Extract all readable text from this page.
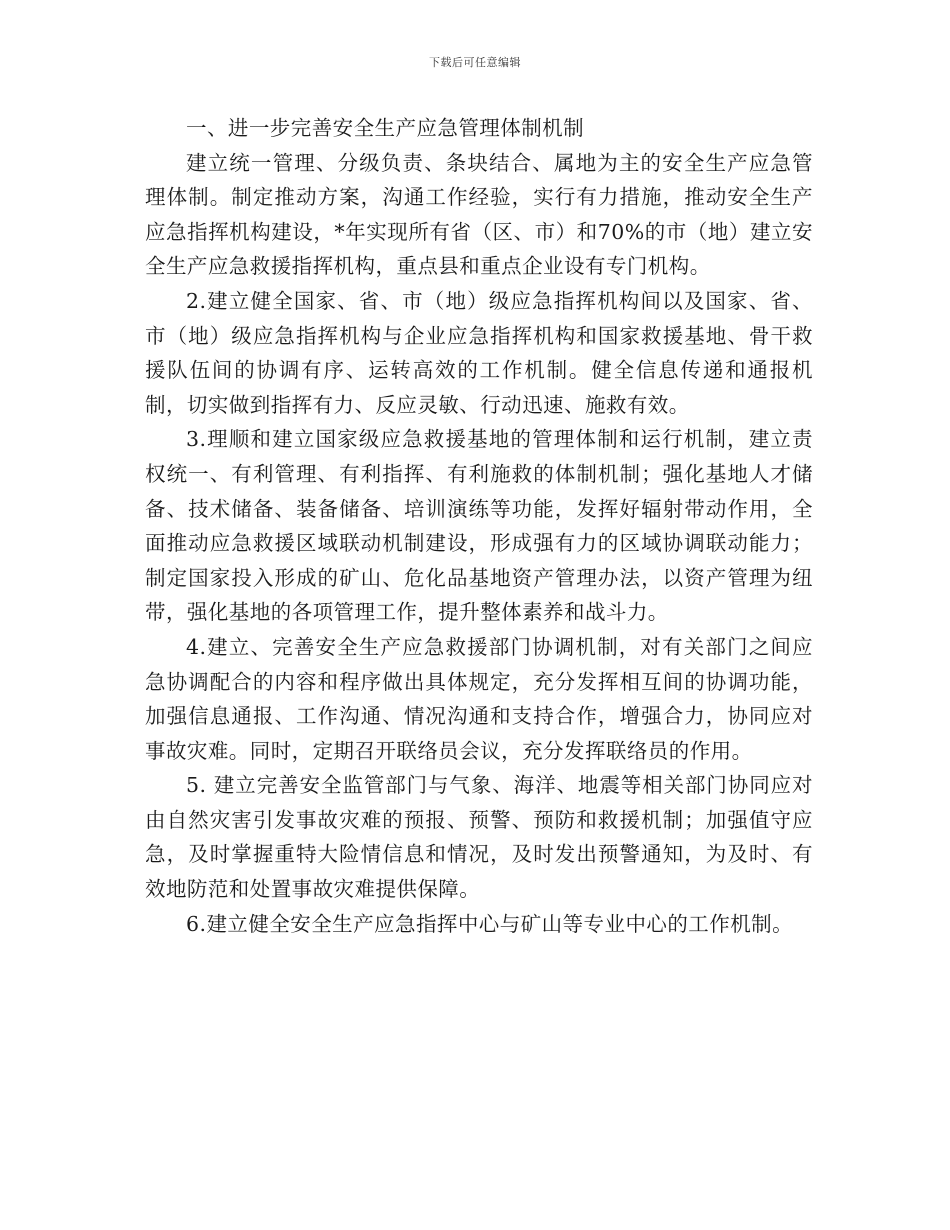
下载后可任意编辑

一、进一步完善安全生产应急管理体制机制

建立统一管理、分级负责、条块结合、属地为主的安全生产应急管理体制。制定推动方案，沟通工作经验，实行有力措施，推动安全生产应急指挥机构建设，*年实现所有省（区、市）和70%的市（地）建立安全生产应急救援指挥机构，重点县和重点企业设有专门机构。

2.建立健全国家、省、市（地）级应急指挥机构间以及国家、省、市（地）级应急指挥机构与企业应急指挥机构和国家救援基地、骨干救援队伍间的协调有序、运转高效的工作机制。健全信息传递和通报机制，切实做到指挥有力、反应灵敏、行动迅速、施救有效。

3.理顺和建立国家级应急救援基地的管理体制和运行机制，建立责权统一、有利管理、有利指挥、有利施救的体制机制；强化基地人才储备、技术储备、装备储备、培训演练等功能，发挥好辐射带动作用，全面推动应急救援区域联动机制建设，形成强有力的区域协调联动能力；制定国家投入形成的矿山、危化品基地资产管理办法，以资产管理为纽带，强化基地的各项管理工作，提升整体素养和战斗力。

4.建立、完善安全生产应急救援部门协调机制，对有关部门之间应急协调配合的内容和程序做出具体规定，充分发挥相互间的协调功能，加强信息通报、工作沟通、情况沟通和支持合作，增强合力，协同应对事故灾难。同时，定期召开联络员会议，充分发挥联络员的作用。

5. 建立完善安全监管部门与气象、海洋、地震等相关部门协同应对由自然灾害引发事故灾难的预报、预警、预防和救援机制；加强值守应急，及时掌握重特大险情信息和情况，及时发出预警通知，为及时、有效地防范和处置事故灾难提供保障。

6.建立健全安全生产应急指挥中心与矿山等专业中心的工作机制。
